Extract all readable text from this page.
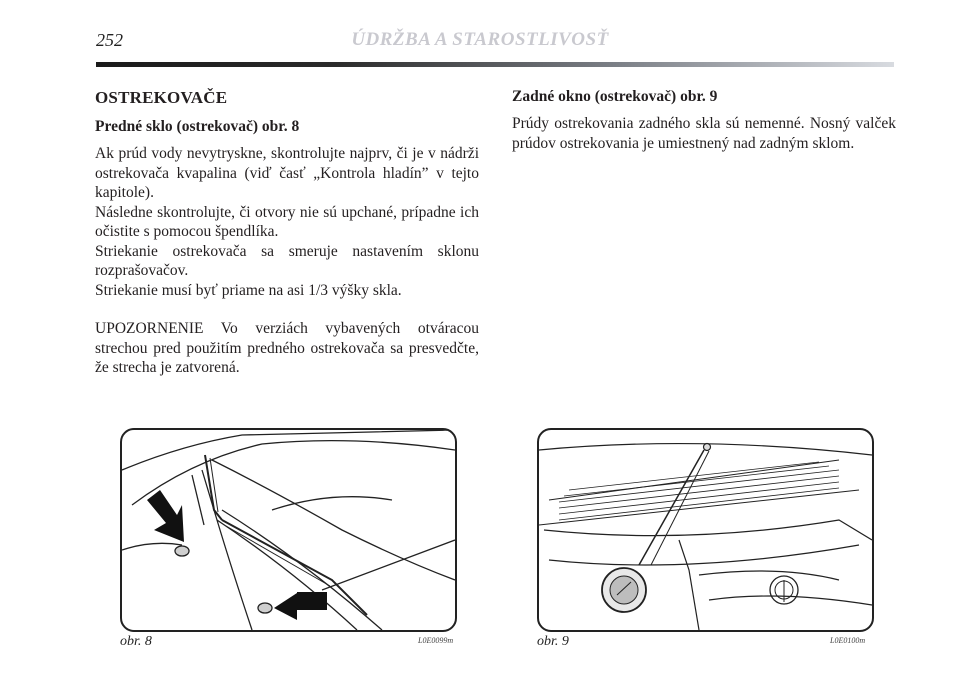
252	ÚDRŽBA A STAROSTLIVOSŤ
OSTREKOVAČE
Predné sklo (ostrekovač) obr. 8

Ak prúd vody nevytryskne, skontrolujte najprv, či je v nádrži ostrekovača kvapalina (viď časť „Kontrola hladín” v tejto kapitole).

Následne skontrolujte, či otvory nie sú upchané, prípadne ich očistite s pomocou špendlíka.

Striekanie ostrekovača sa smeruje nastavením sklonu rozprašovačov.

Striekanie musí byť priame na asi 1/3 výšky skla.

UPOZORNENIE Vo verziách vybavených otváracou strechou pred použitím predného ostrekovača sa presvedčte, že strecha je zatvorená.

Zadné okno (ostrekovač) obr. 9

Prúdy ostrekovania zadného skla sú nemenné. Nosný valček prúdov ostrekovania je umiestnený nad zadným sklom.

obr. 8	L0E0099m	obr. 9	L0E0100m
